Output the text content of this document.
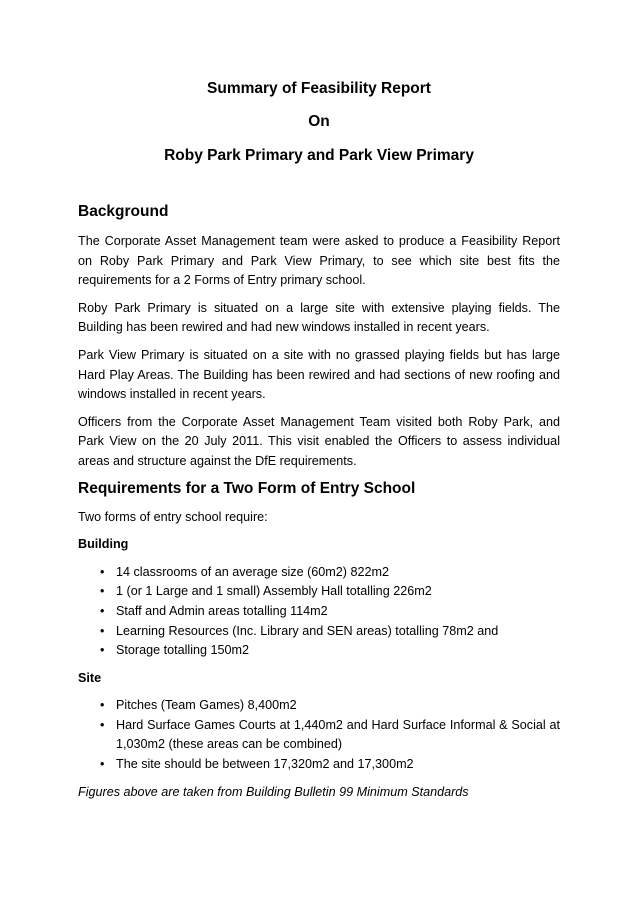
Summary of Feasibility Report
On
Roby Park Primary and Park View Primary
Background
The Corporate Asset Management team were asked to produce a Feasibility Report on Roby Park Primary and Park View Primary, to see which site best fits the requirements for a 2 Forms of Entry primary school.
Roby Park Primary is situated on a large site with extensive playing fields. The Building has been rewired and had new windows installed in recent years.
Park View Primary is situated on a site with no grassed playing fields but has large Hard Play Areas. The Building has been rewired and had sections of new roofing and windows installed in recent years.
Officers from the Corporate Asset Management Team visited both Roby Park, and Park View on the 20 July 2011. This visit enabled the Officers to assess individual areas and structure against the DfE requirements.
Requirements for a Two Form of Entry School
Two forms of entry school require:
Building
• 14 classrooms of an average size (60m2) 822m2
• 1 (or 1 Large and 1 small) Assembly Hall totalling 226m2
• Staff and Admin areas totalling 114m2
• Learning Resources (Inc. Library and SEN areas) totalling 78m2 and
• Storage totalling 150m2
Site
• Pitches (Team Games) 8,400m2
• Hard Surface Games Courts at 1,440m2 and Hard Surface Informal & Social at 1,030m2 (these areas can be combined)
• The site should be between 17,320m2 and 17,300m2
Figures above are taken from Building Bulletin 99 Minimum Standards
